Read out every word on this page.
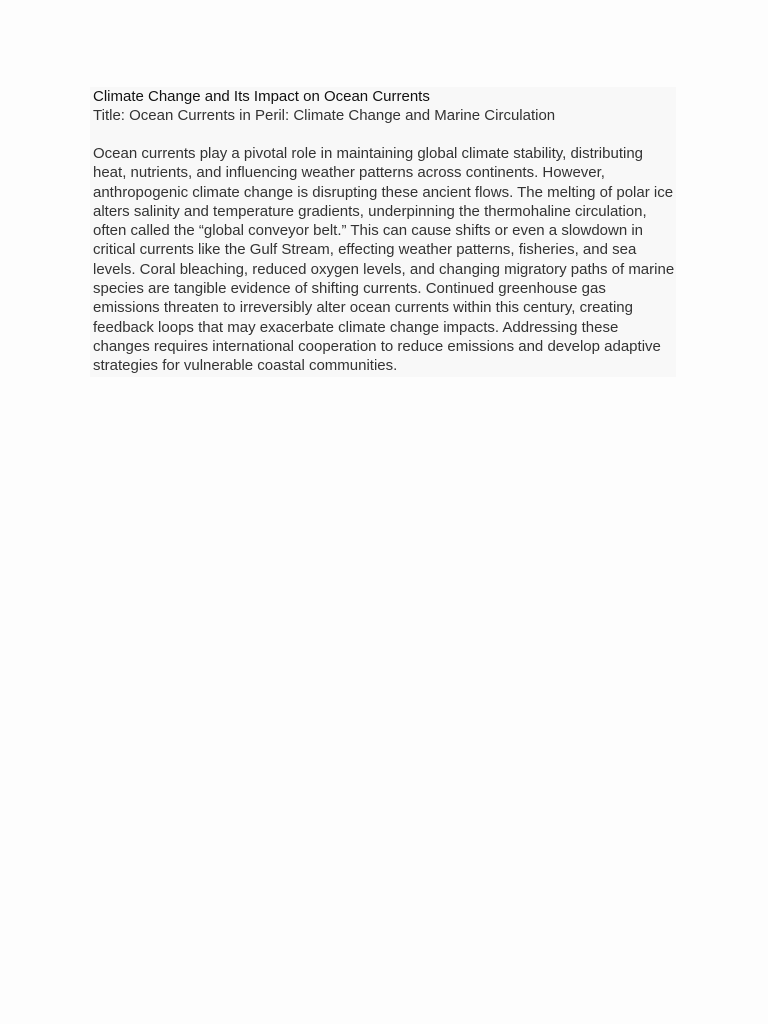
Climate Change and Its Impact on Ocean Currents

Title: Ocean Currents in Peril: Climate Change and Marine Circulation

Ocean currents play a pivotal role in maintaining global climate stability, distributing heat, nutrients, and influencing weather patterns across continents. However, anthropogenic climate change is disrupting these ancient flows. The melting of polar ice alters salinity and temperature gradients, underpinning the thermohaline circulation, often called the “global conveyor belt.” This can cause shifts or even a slowdown in critical currents like the Gulf Stream, effecting weather patterns, fisheries, and sea levels. Coral bleaching, reduced oxygen levels, and changing migratory paths of marine species are tangible evidence of shifting currents. Continued greenhouse gas emissions threaten to irreversibly alter ocean currents within this century, creating feedback loops that may exacerbate climate change impacts. Addressing these changes requires international cooperation to reduce emissions and develop adaptive strategies for vulnerable coastal communities.
